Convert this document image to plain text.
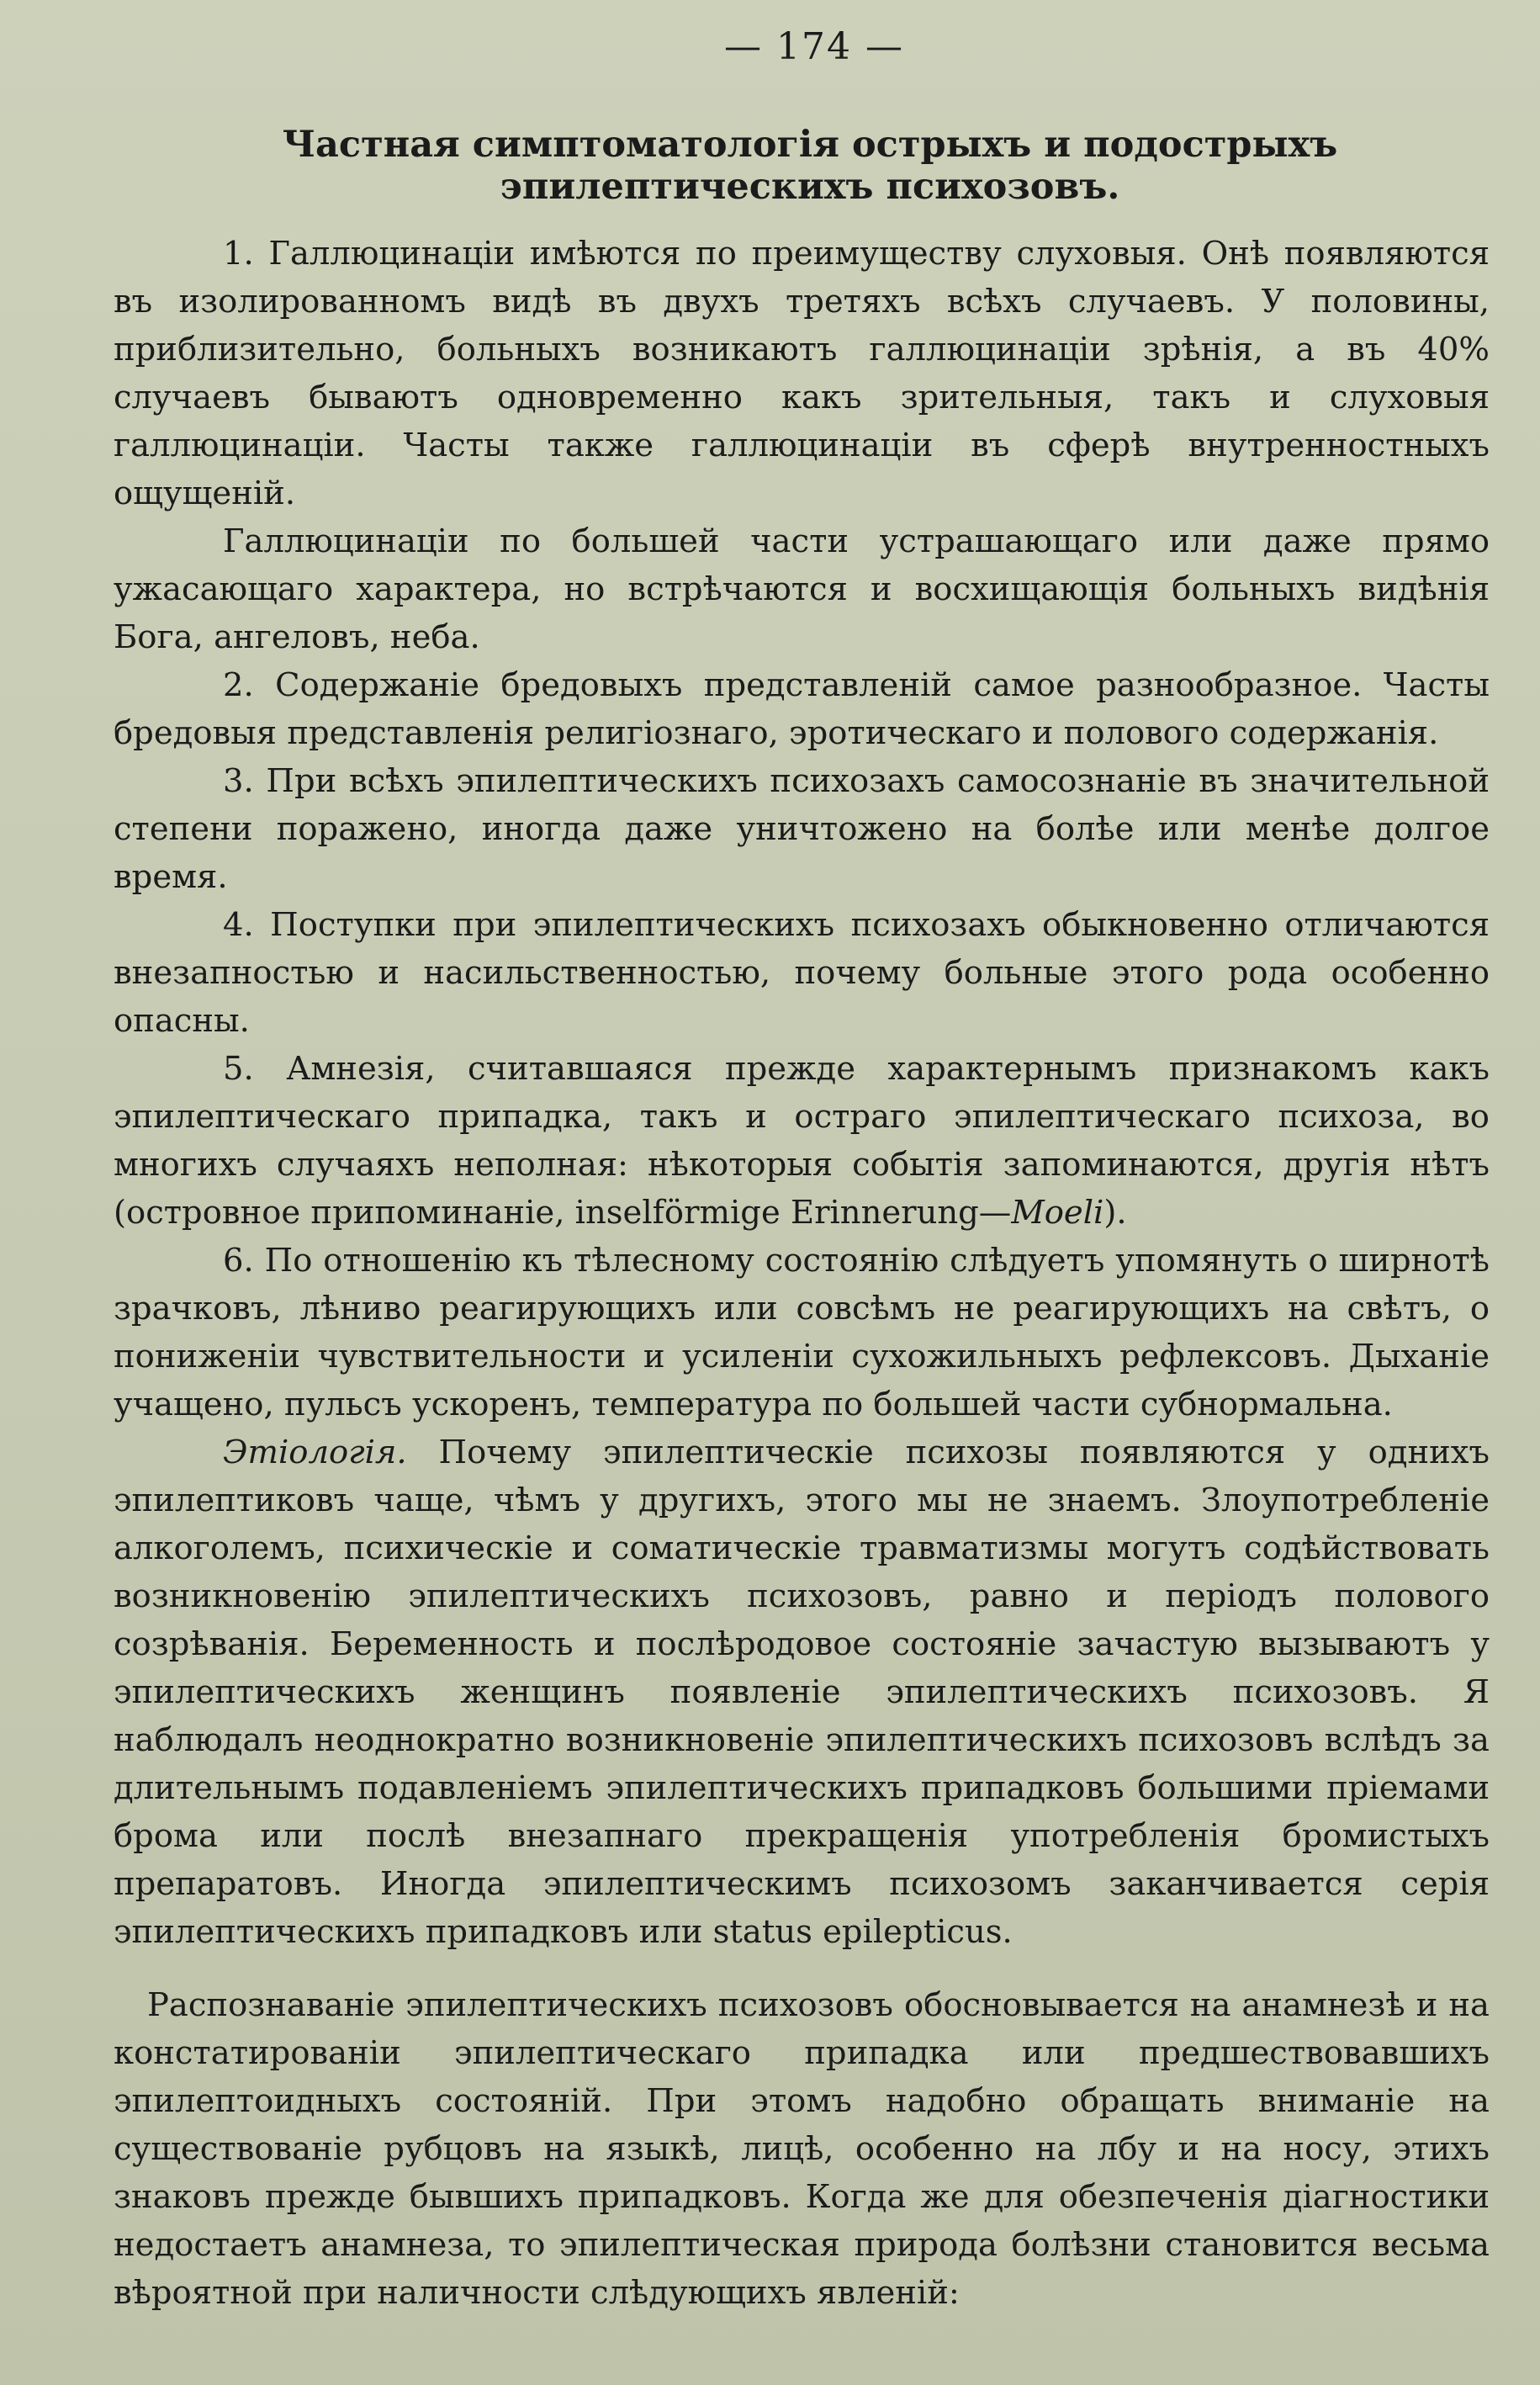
— 174 —
Частная симптоматологія острыхъ и подострыхъ
эпилептическихъ психозовъ.

1. Галлюцинаціи имѣются по преимуществу слуховыя. Онѣ появляются въ изолированномъ видѣ въ двухъ третяхъ всѣхъ случаевъ. У половины, приблизительно, больныхъ возникаютъ галлюцинаціи зрѣнія, а въ 40% случаевъ бываютъ одновременно какъ зрительныя, такъ и слуховыя галлюцинаціи. Часты также галлюцинаціи въ сферѣ внутренностныхъ ощущеній.

Галлюцинаціи по большей части устрашающаго или даже прямо ужасающаго характера, но встрѣчаются и восхищающія больныхъ видѣнія Бога, ангеловъ, неба.

2. Содержаніе бредовыхъ представленій самое разнообразное. Часты бредовыя представленія религіознаго, эротическаго и полового содержанія.

3. При всѣхъ эпилептическихъ психозахъ самосознаніе въ значительной степени поражено, иногда даже уничтожено на болѣе или менѣе долгое время.

4. Поступки при эпилептическихъ психозахъ обыкновенно отличаются внезапностью и насильственностью, почему больные этого рода особенно опасны.

5. Амнезія, считавшаяся прежде характернымъ признакомъ какъ эпилептическаго припадка, такъ и остраго эпилептическаго психоза, во многихъ случаяхъ неполная: нѣкоторыя событія запоминаются, другія нѣтъ (островное припоминаніе, inselförmige Erinnerung—Moeli).

6. По отношенію къ тѣлесному состоянію слѣдуетъ упомянуть о ширнотѣ зрачковъ, лѣниво реагирующихъ или совсѣмъ не реагирующихъ на свѣтъ, о пониженіи чувствительности и усиленіи сухожильныхъ рефлексовъ. Дыханіе учащено, пульсъ ускоренъ, температура по большей части субнормальна.

Этіологія. Почему эпилептическіе психозы появляются у однихъ эпилептиковъ чаще, чѣмъ у другихъ, этого мы не знаемъ. Злоупотребленіе алкоголемъ, психическіе и соматическіе травматизмы могутъ содѣйствовать возникновенію эпилептическихъ психозовъ, равно и періодъ полового созрѣванія. Беременность и послѣродовое состояніе зачастую вызываютъ у эпилептическихъ женщинъ появленіе эпилептическихъ психозовъ. Я наблюдалъ неоднократно возникновеніе эпилептическихъ психозовъ вслѣдъ за длительнымъ подавленіемъ эпилептическихъ припадковъ большими пріемами брома или послѣ внезапнаго прекращенія употребленія бромистыхъ препаратовъ. Иногда эпилептическимъ психозомъ заканчивается серія эпилептическихъ припадковъ или status epilepticus.

Распознаваніе эпилептическихъ психозовъ обосновывается на анамнезѣ и на констатированіи эпилептическаго припадка или предшествовавшихъ эпилептоидныхъ состояній. При этомъ надобно обращать вниманіе на существованіе рубцовъ на языкѣ, лицѣ, особенно на лбу и на носу, этихъ знаковъ прежде бывшихъ припадковъ. Когда же для обезпеченія діагностики недостаетъ анамнеза, то эпилептическая природа болѣзни становится весьма вѣроятной при наличности слѣдующихъ явленій:
